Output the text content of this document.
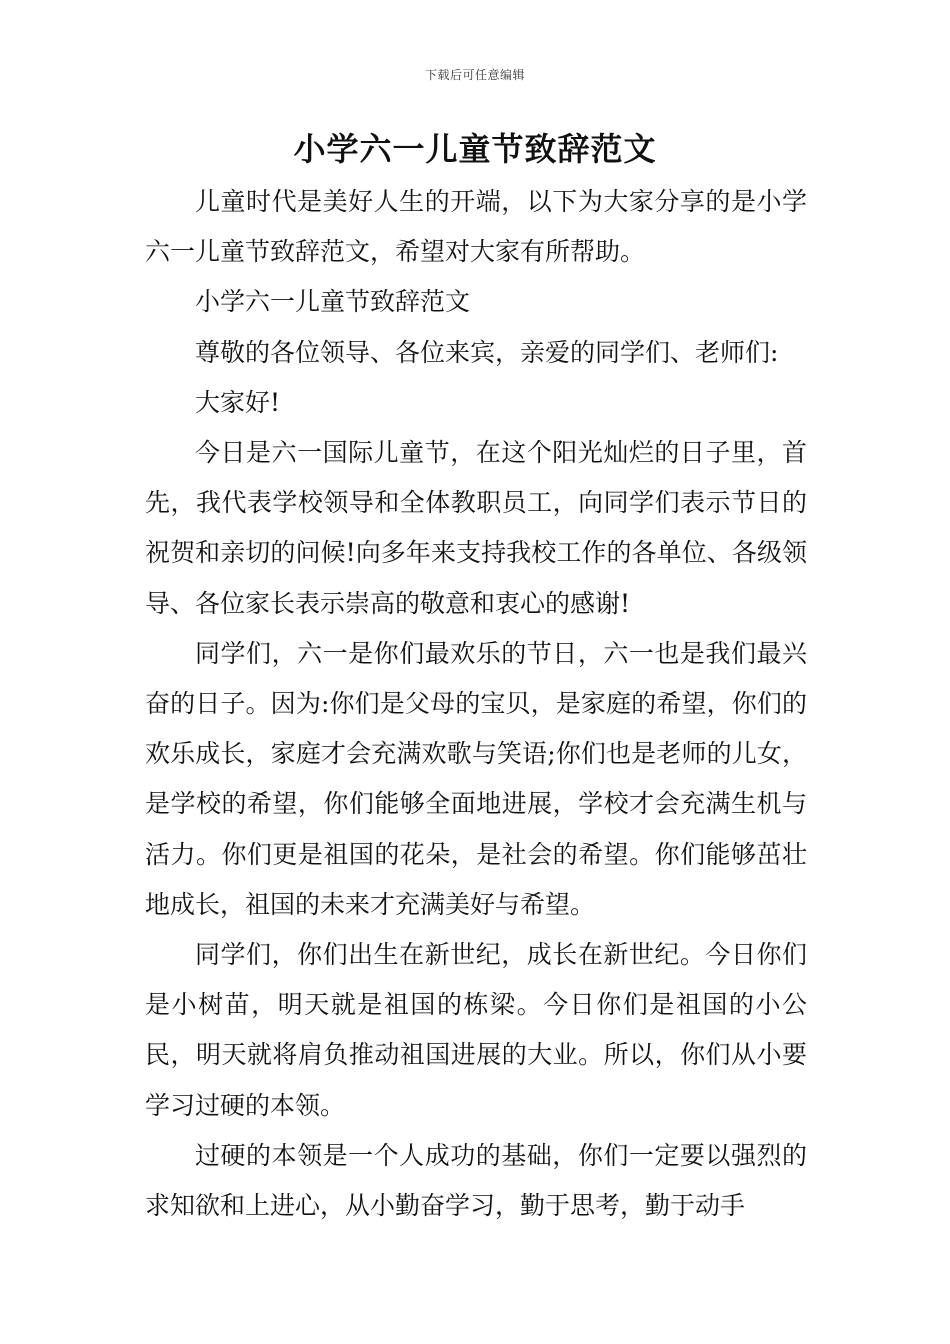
下载后可任意编辑
小学六一儿童节致辞范文

儿童时代是美好人生的开端，以下为大家分享的是小学六一儿童节致辞范文，希望对大家有所帮助。

小学六一儿童节致辞范文

尊敬的各位领导、各位来宾，亲爱的同学们、老师们:

大家好!

今日是六一国际儿童节，在这个阳光灿烂的日子里，首先，我代表学校领导和全体教职员工，向同学们表示节日的祝贺和亲切的问候!向多年来支持我校工作的各单位、各级领导、各位家长表示崇高的敬意和衷心的感谢!

同学们，六一是你们最欢乐的节日，六一也是我们最兴奋的日子。因为:你们是父母的宝贝，是家庭的希望，你们的欢乐成长，家庭才会充满欢歌与笑语;你们也是老师的儿女，是学校的希望，你们能够全面地进展，学校才会充满生机与活力。你们更是祖国的花朵，是社会的希望。你们能够茁壮地成长，祖国的未来才充满美好与希望。

同学们，你们出生在新世纪，成长在新世纪。今日你们是小树苗，明天就是祖国的栋梁。今日你们是祖国的小公民，明天就将肩负推动祖国进展的大业。所以，你们从小要学习过硬的本领。

过硬的本领是一个人成功的基础，你们一定要以强烈的求知欲和上进心，从小勤奋学习，勤于思考，勤于动手
